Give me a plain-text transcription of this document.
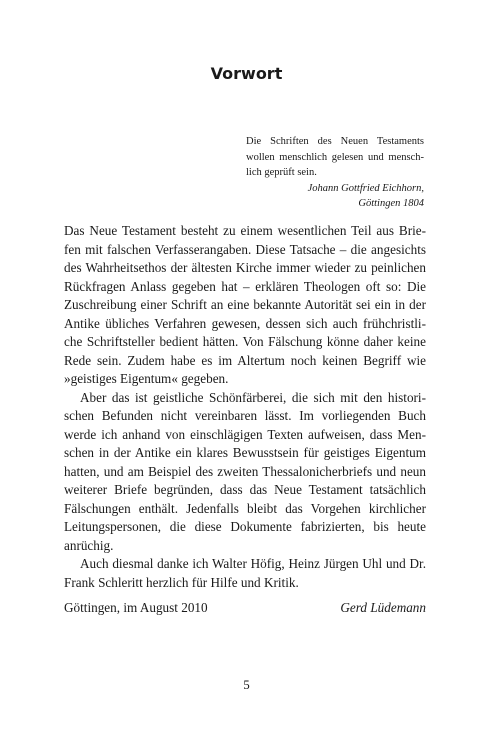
Vorwort
Die Schriften des Neuen Testaments
wollen menschlich gelesen und mensch-
lich geprüft sein.
Johann Gottfried Eichhorn,
Göttingen 1804
Das Neue Testament besteht zu einem wesentlichen Teil aus Brie-
fen mit falschen Verfasserangaben. Diese Tatsache – die angesichts
des Wahrheitsethos der ältesten Kirche immer wieder zu peinlichen
Rückfragen Anlass gegeben hat – erklären Theologen oft so: Die
Zuschreibung einer Schrift an eine bekannte Autorität sei ein in der
Antike übliches Verfahren gewesen, dessen sich auch frühchristli-
che Schriftsteller bedient hätten. Von Fälschung könne daher keine
Rede sein. Zudem habe es im Altertum noch keinen Begriff wie
»geistiges Eigentum« gegeben.
Aber das ist geistliche Schönfärberei, die sich mit den histori-
schen Befunden nicht vereinbaren lässt. Im vorliegenden Buch
werde ich anhand von einschlägigen Texten aufweisen, dass Men-
schen in der Antike ein klares Bewusstsein für geistiges Eigentum
hatten, und am Beispiel des zweiten Thessalonicherbriefs und neun
weiterer Briefe begründen, dass das Neue Testament tatsächlich
Fälschungen enthält. Jedenfalls bleibt das Vorgehen kirchlicher
Leitungspersonen, die diese Dokumente fabrizierten, bis heute
anrüchig.
Auch diesmal danke ich Walter Höfig, Heinz Jürgen Uhl und Dr.
Frank Schleritt herzlich für Hilfe und Kritik.
Göttingen, im August 2010	Gerd Lüdemann
5
